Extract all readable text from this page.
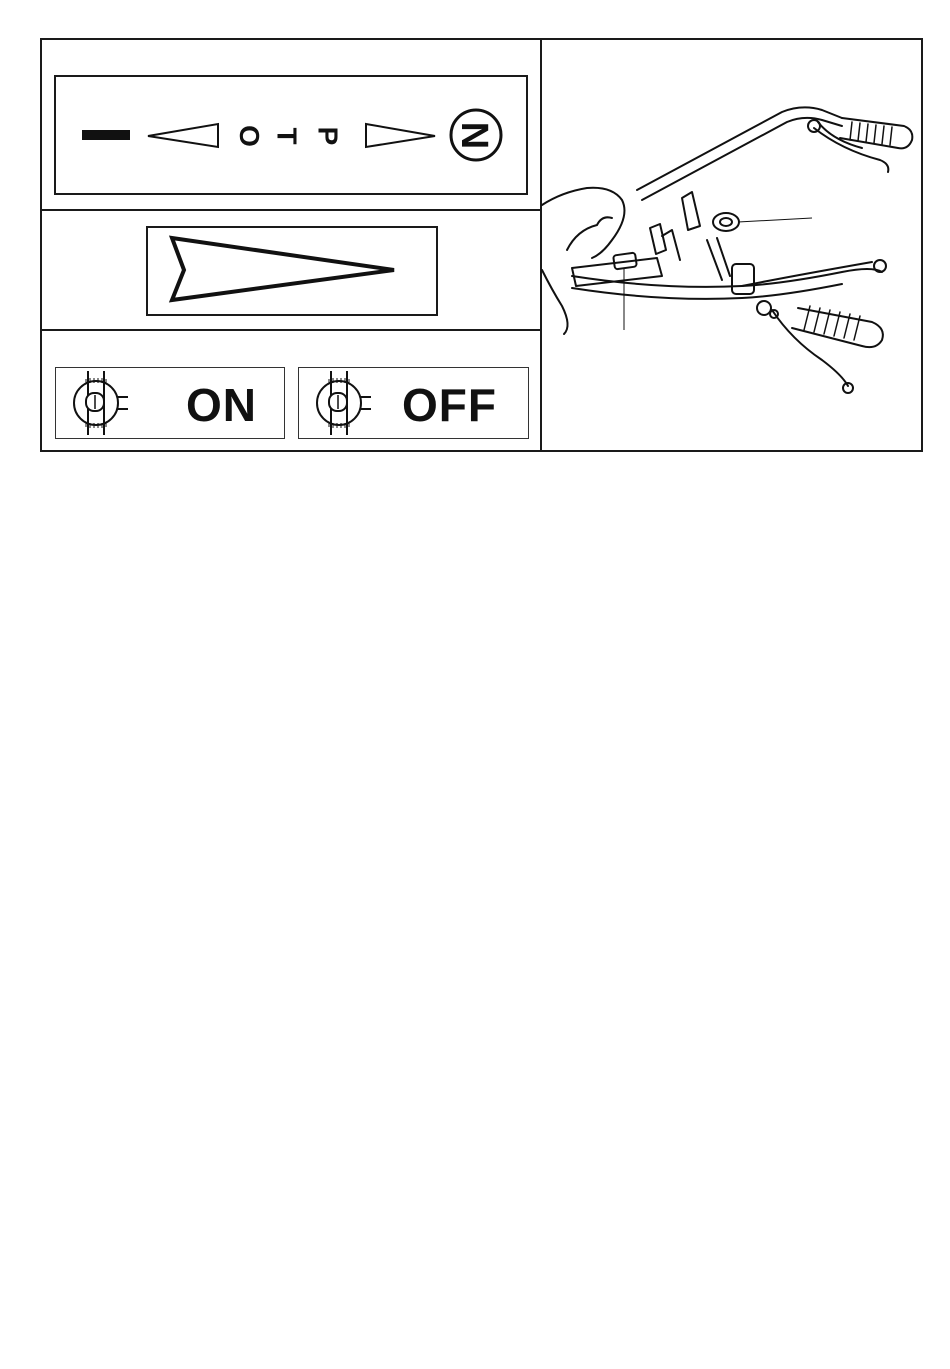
O T P	N
ON	OFF
